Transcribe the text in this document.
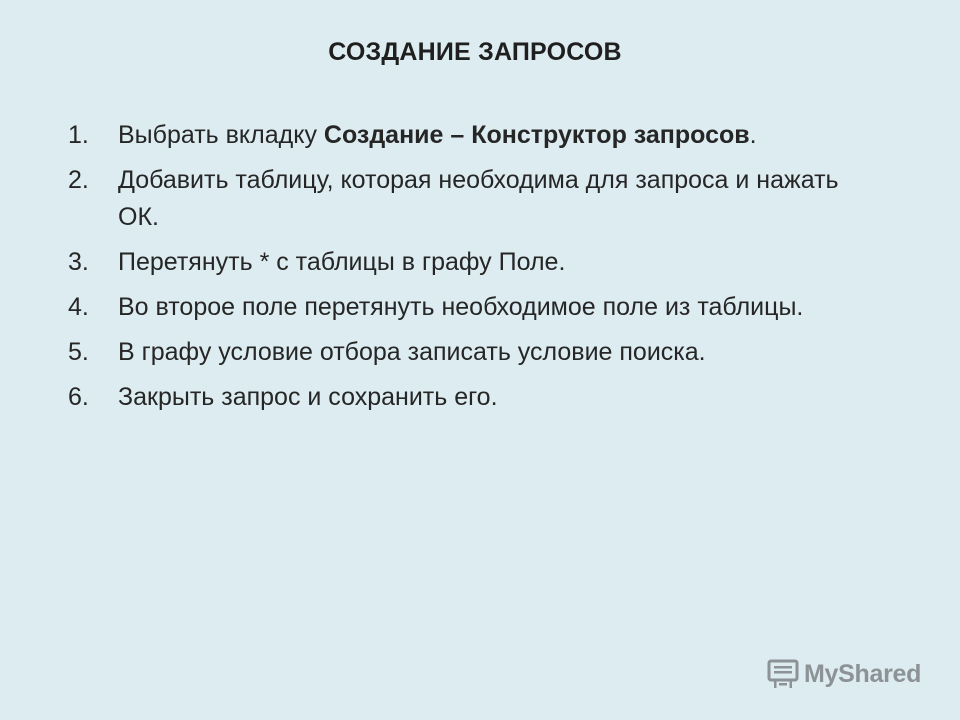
СОЗДАНИЕ ЗАПРОСОВ
1. Выбрать вкладку Создание – Конструктор запросов.
2. Добавить таблицу, которая необходима для запроса и нажать ОК.
3. Перетянуть * с таблицы в графу Поле.
4. Во второе поле перетянуть необходимое поле из таблицы.
5. В графу условие отбора записать условие поиска.
6. Закрыть запрос и сохранить его.
MyShared
